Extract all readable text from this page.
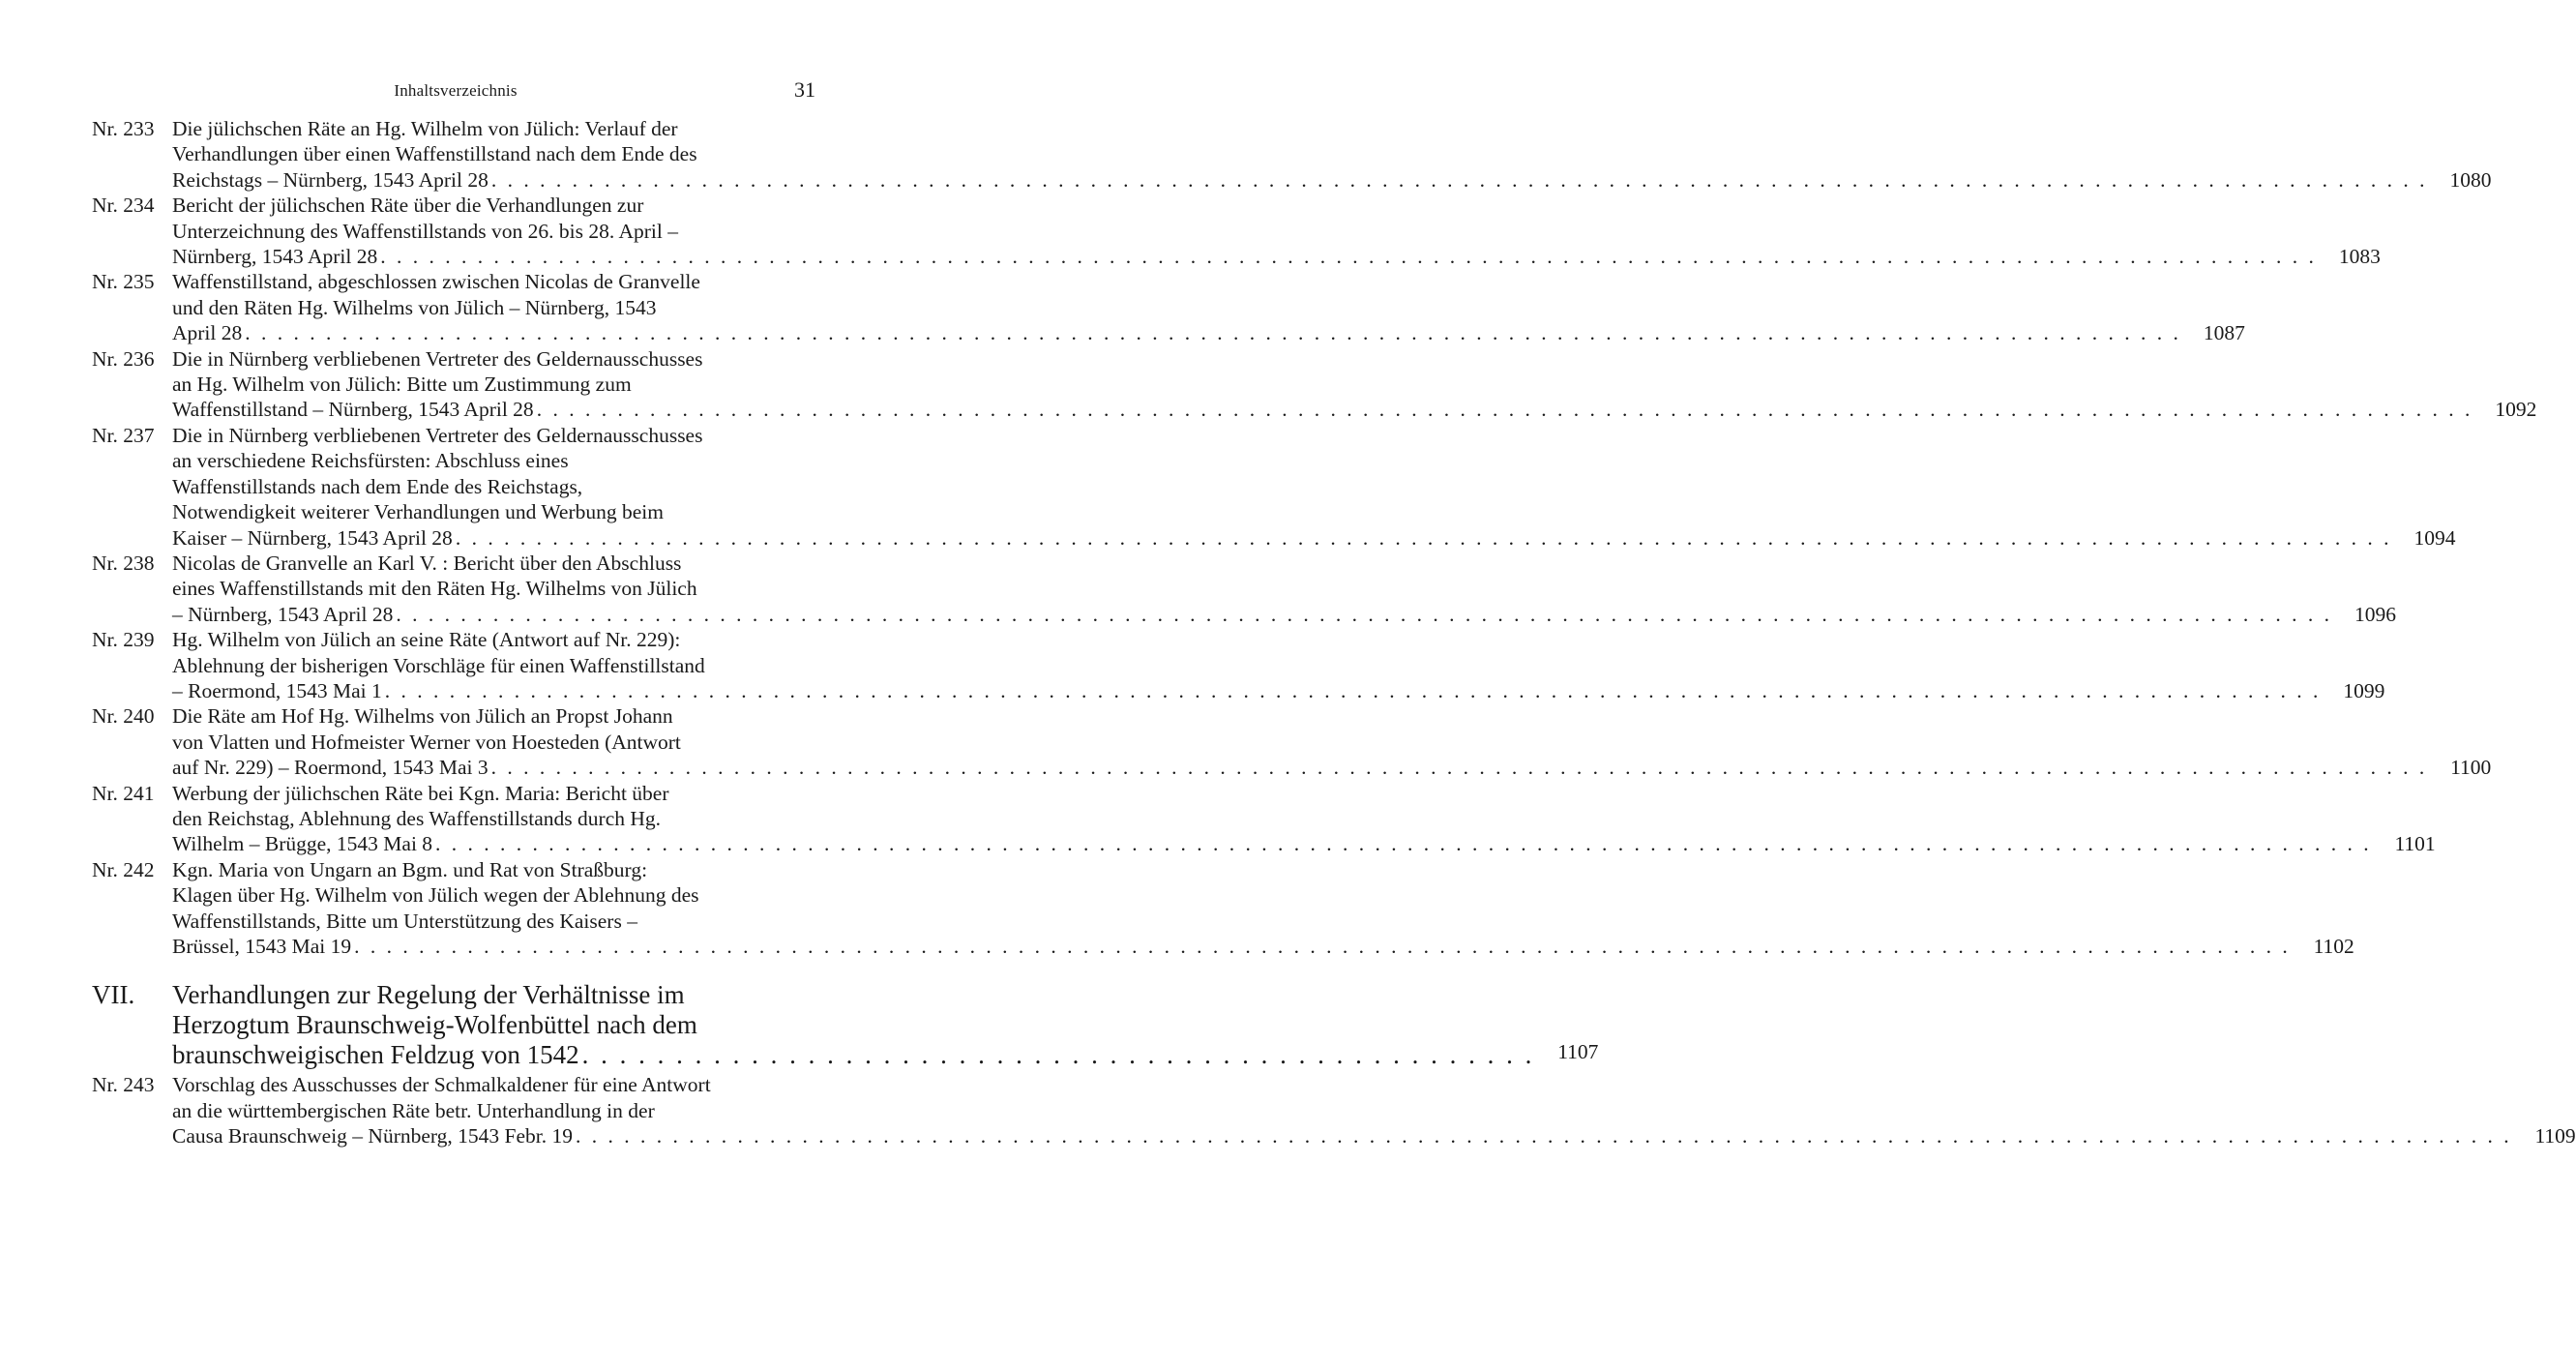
Inhaltsverzeichnis	31
Nr. 233 Die jülichschen Räte an Hg. Wilhelm von Jülich: Verlauf der
Verhandlungen über einen Waffenstillstand nach dem Ende des
Reichstags – Nürnberg, 1543 April 28 . . . . . . . . . . . . . . . . . . . . . . . . . . . . . . . . . . . . . . . . . . . . . . . . . . . . . . . . . . . . . . . . . . . . . . . . . . . . . . . . . . . . . . . . . . . . . . . . . . . . . . . . . . . . . . . . . . . . . . . .	1080
Nr. 234 Bericht der jülichschen Räte über die Verhandlungen zur
Unterzeichnung des Waffenstillstands von 26. bis 28. April –
Nürnberg, 1543 April 28 . . . . . . . . . . . . . . . . . . . . . . . . . . . . . . . . . . . . . . . . . . . . . . . . . . . . . . . . . . . . . . . . . . . . . . . . . . . . . . . . . . . . . . . . . . . . . . . . . . . . . . . . . . . . . . . . . . . . . . . .	1083
Nr. 235 Waffenstillstand, abgeschlossen zwischen Nicolas de Granvelle
und den Räten Hg. Wilhelms von Jülich – Nürnberg, 1543
April 28 . . . . . . . . . . . . . . . . . . . . . . . . . . . . . . . . . . . . . . . . . . . . . . . . . . . . . . . . . . . . . . . . . . . . . . . . . . . . . . . . . . . . . . . . . . . . . . . . . . . . . . . . . . . . . . . . . . . . . . . .	1087
Nr. 236 Die in Nürnberg verbliebenen Vertreter des Geldernausschusses
an Hg. Wilhelm von Jülich: Bitte um Zustimmung zum
Waffenstillstand – Nürnberg, 1543 April 28 . . . . . . . . . . . . . . . . . . . . . . . . . . . . . . . . . . . . . . . . . . . . . . . . . . . . . . . . . . . . . . . . . . . . . . . . . . . . . . . . . . . . . . . . . . . . . . . . . . . . . . . . . . . . . . . . . . . . . . . .	1092
Nr. 237 Die in Nürnberg verbliebenen Vertreter des Geldernausschusses
an verschiedene Reichsfürsten: Abschluss eines
Waffenstillstands nach dem Ende des Reichstags,
Notwendigkeit weiterer Verhandlungen und Werbung beim
Kaiser – Nürnberg, 1543 April 28 . . . . . . . . . . . . . . . . . . . . . . . . . . . . . . . . . . . . . . . . . . . . . . . . . . . . . . . . . . . . . . . . . . . . . . . . . . . . . . . . . . . . . . . . . . . . . . . . . . . . . . . . . . . . . . . . . . . . . . . .	1094
Nr. 238 Nicolas de Granvelle an Karl V. : Bericht über den Abschluss
eines Waffenstillstands mit den Räten Hg. Wilhelms von Jülich
– Nürnberg, 1543 April 28 . . . . . . . . . . . . . . . . . . . . . . . . . . . . . . . . . . . . . . . . . . . . . . . . . . . . . . . . . . . . . . . . . . . . . . . . . . . . . . . . . . . . . . . . . . . . . . . . . . . . . . . . . . . . . . . . . . . . . . . .	1096
Nr. 239 Hg. Wilhelm von Jülich an seine Räte (Antwort auf Nr. 229):
Ablehnung der bisherigen Vorschläge für einen Waffenstillstand
– Roermond, 1543 Mai 1 . . . . . . . . . . . . . . . . . . . . . . . . . . . . . . . . . . . . . . . . . . . . . . . . . . . . . . . . . . . . . . . . . . . . . . . . . . . . . . . . . . . . . . . . . . . . . . . . . . . . . . . . . . . . . . . . . . . . . . . .	1099
Nr. 240 Die Räte am Hof Hg. Wilhelms von Jülich an Propst Johann
von Vlatten und Hofmeister Werner von Hoesteden (Antwort
auf Nr. 229) – Roermond, 1543 Mai 3 . . . . . . . . . . . . . . . . . . . . . . . . . . . . . . . . . . . . . . . . . . . . . . . . . . . . . . . . . . . . . . . . . . . . . . . . . . . . . . . . . . . . . . . . . . . . . . . . . . . . . . . . . . . . . . . . . . . . . . . .	1100
Nr. 241 Werbung der jülichschen Räte bei Kgn. Maria: Bericht über
den Reichstag, Ablehnung des Waffenstillstands durch Hg.
Wilhelm – Brügge, 1543 Mai 8 . . . . . . . . . . . . . . . . . . . . . . . . . . . . . . . . . . . . . . . . . . . . . . . . . . . . . . . . . . . . . . . . . . . . . . . . . . . . . . . . . . . . . . . . . . . . . . . . . . . . . . . . . . . . . . . . . . . . . . . .	1101
Nr. 242 Kgn. Maria von Ungarn an Bgm. und Rat von Straßburg:
Klagen über Hg. Wilhelm von Jülich wegen der Ablehnung des
Waffenstillstands, Bitte um Unterstützung des Kaisers –
Brüssel, 1543 Mai 19 . . . . . . . . . . . . . . . . . . . . . . . . . . . . . . . . . . . . . . . . . . . . . . . . . . . . . . . . . . . . . . . . . . . . . . . . . . . . . . . . . . . . . . . . . . . . . . . . . . . . . . . . . . . . . . . . . . . . . . . .	1102
VII.	Verhandlungen zur Regelung der Verhältnisse im
Herzogtum Braunschweig-Wolfenbüttel nach dem
braunschweigischen Feldzug von 1542 . . . . . . . . . . . . . . . . . . . . . . . . . . . . . . . . . . . . . . . . . . . . . . . . . . .	1107
Nr. 243 Vorschlag des Ausschusses der Schmalkaldener für eine Antwort
an die württembergischen Räte betr. Unterhandlung in der
Causa Braunschweig – Nürnberg, 1543 Febr. 19 . . . . . . . . . . . . . . . . . . . . . . . . . . . . . . . . . . . . . . . . . . . . . . . . . . . . . . . . . . . . . . . . . . . . . . . . . . . . . . . . . . . . . . . . . . . . . . . . . . . . . . . . . . . . . . . . . . . . . . . .	1109
